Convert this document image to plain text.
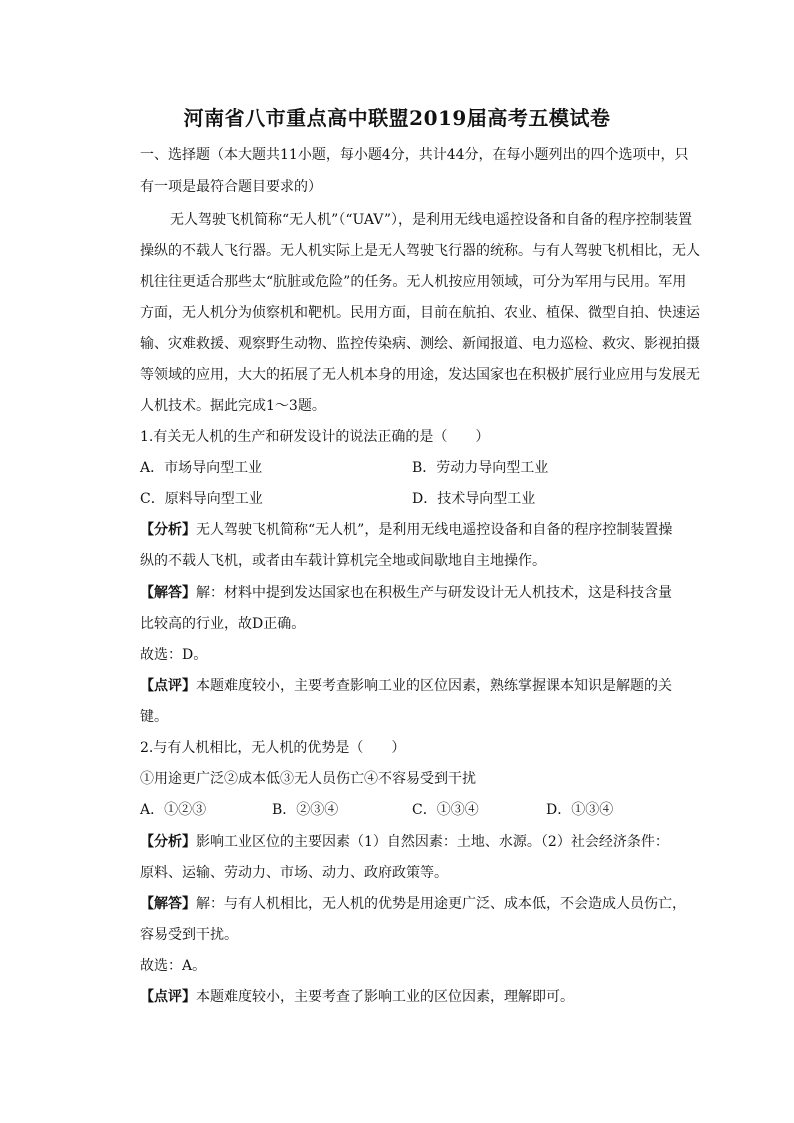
河南省八市重点高中联盟2019届高考五模试卷
一、选择题（本大题共11小题，每小题4分，共计44分，在每小题列出的四个选项中，只
有一项是最符合题目要求的）
无人驾驶飞机简称“无人机”（“UAV”），是利用无线电遥控设备和自备的程序控制装置
操纵的不载人飞行器。无人机实际上是无人驾驶飞行器的统称。与有人驾驶飞机相比，无人
机往往更适合那些太“肮脏或危险”的任务。无人机按应用领域，可分为军用与民用。军用
方面，无人机分为侦察机和靶机。民用方面，目前在航拍、农业、植保、微型自拍、快速运
输、灾难救援、观察野生动物、监控传染病、测绘、新闻报道、电力巡检、救灾、影视拍摄
等领域的应用，大大的拓展了无人机本身的用途，发达国家也在积极扩展行业应用与发展无
人机技术。据此完成1～3题。
1.有关无人机的生产和研发设计的说法正确的是（　　）
A．市场导向型工业	B．劳动力导向型工业
C．原料导向型工业	D．技术导向型工业
【分析】无人驾驶飞机简称“无人机”，是利用无线电遥控设备和自备的程序控制装置操
纵的不载人飞机，或者由车载计算机完全地或间歇地自主地操作。
【解答】解：材料中提到发达国家也在积极生产与研发设计无人机技术，这是科技含量
比较高的行业，故D正确。
故选：D。
【点评】本题难度较小，主要考查影响工业的区位因素，熟练掌握课本知识是解题的关
键。
2.与有人机相比，无人机的优势是（　　）
①用途更广泛②成本低③无人员伤亡④不容易受到干扰
A．①②③	B．②③④	C．①③④	D．①③④
【分析】影响工业区位的主要因素（1）自然因素：土地、水源。（2）社会经济条件：
原料、运输、劳动力、市场、动力、政府政策等。
【解答】解：与有人机相比，无人机的优势是用途更广泛、成本低，不会造成人员伤亡，
容易受到干扰。
故选：A。
【点评】本题难度较小，主要考查了影响工业的区位因素，理解即可。
